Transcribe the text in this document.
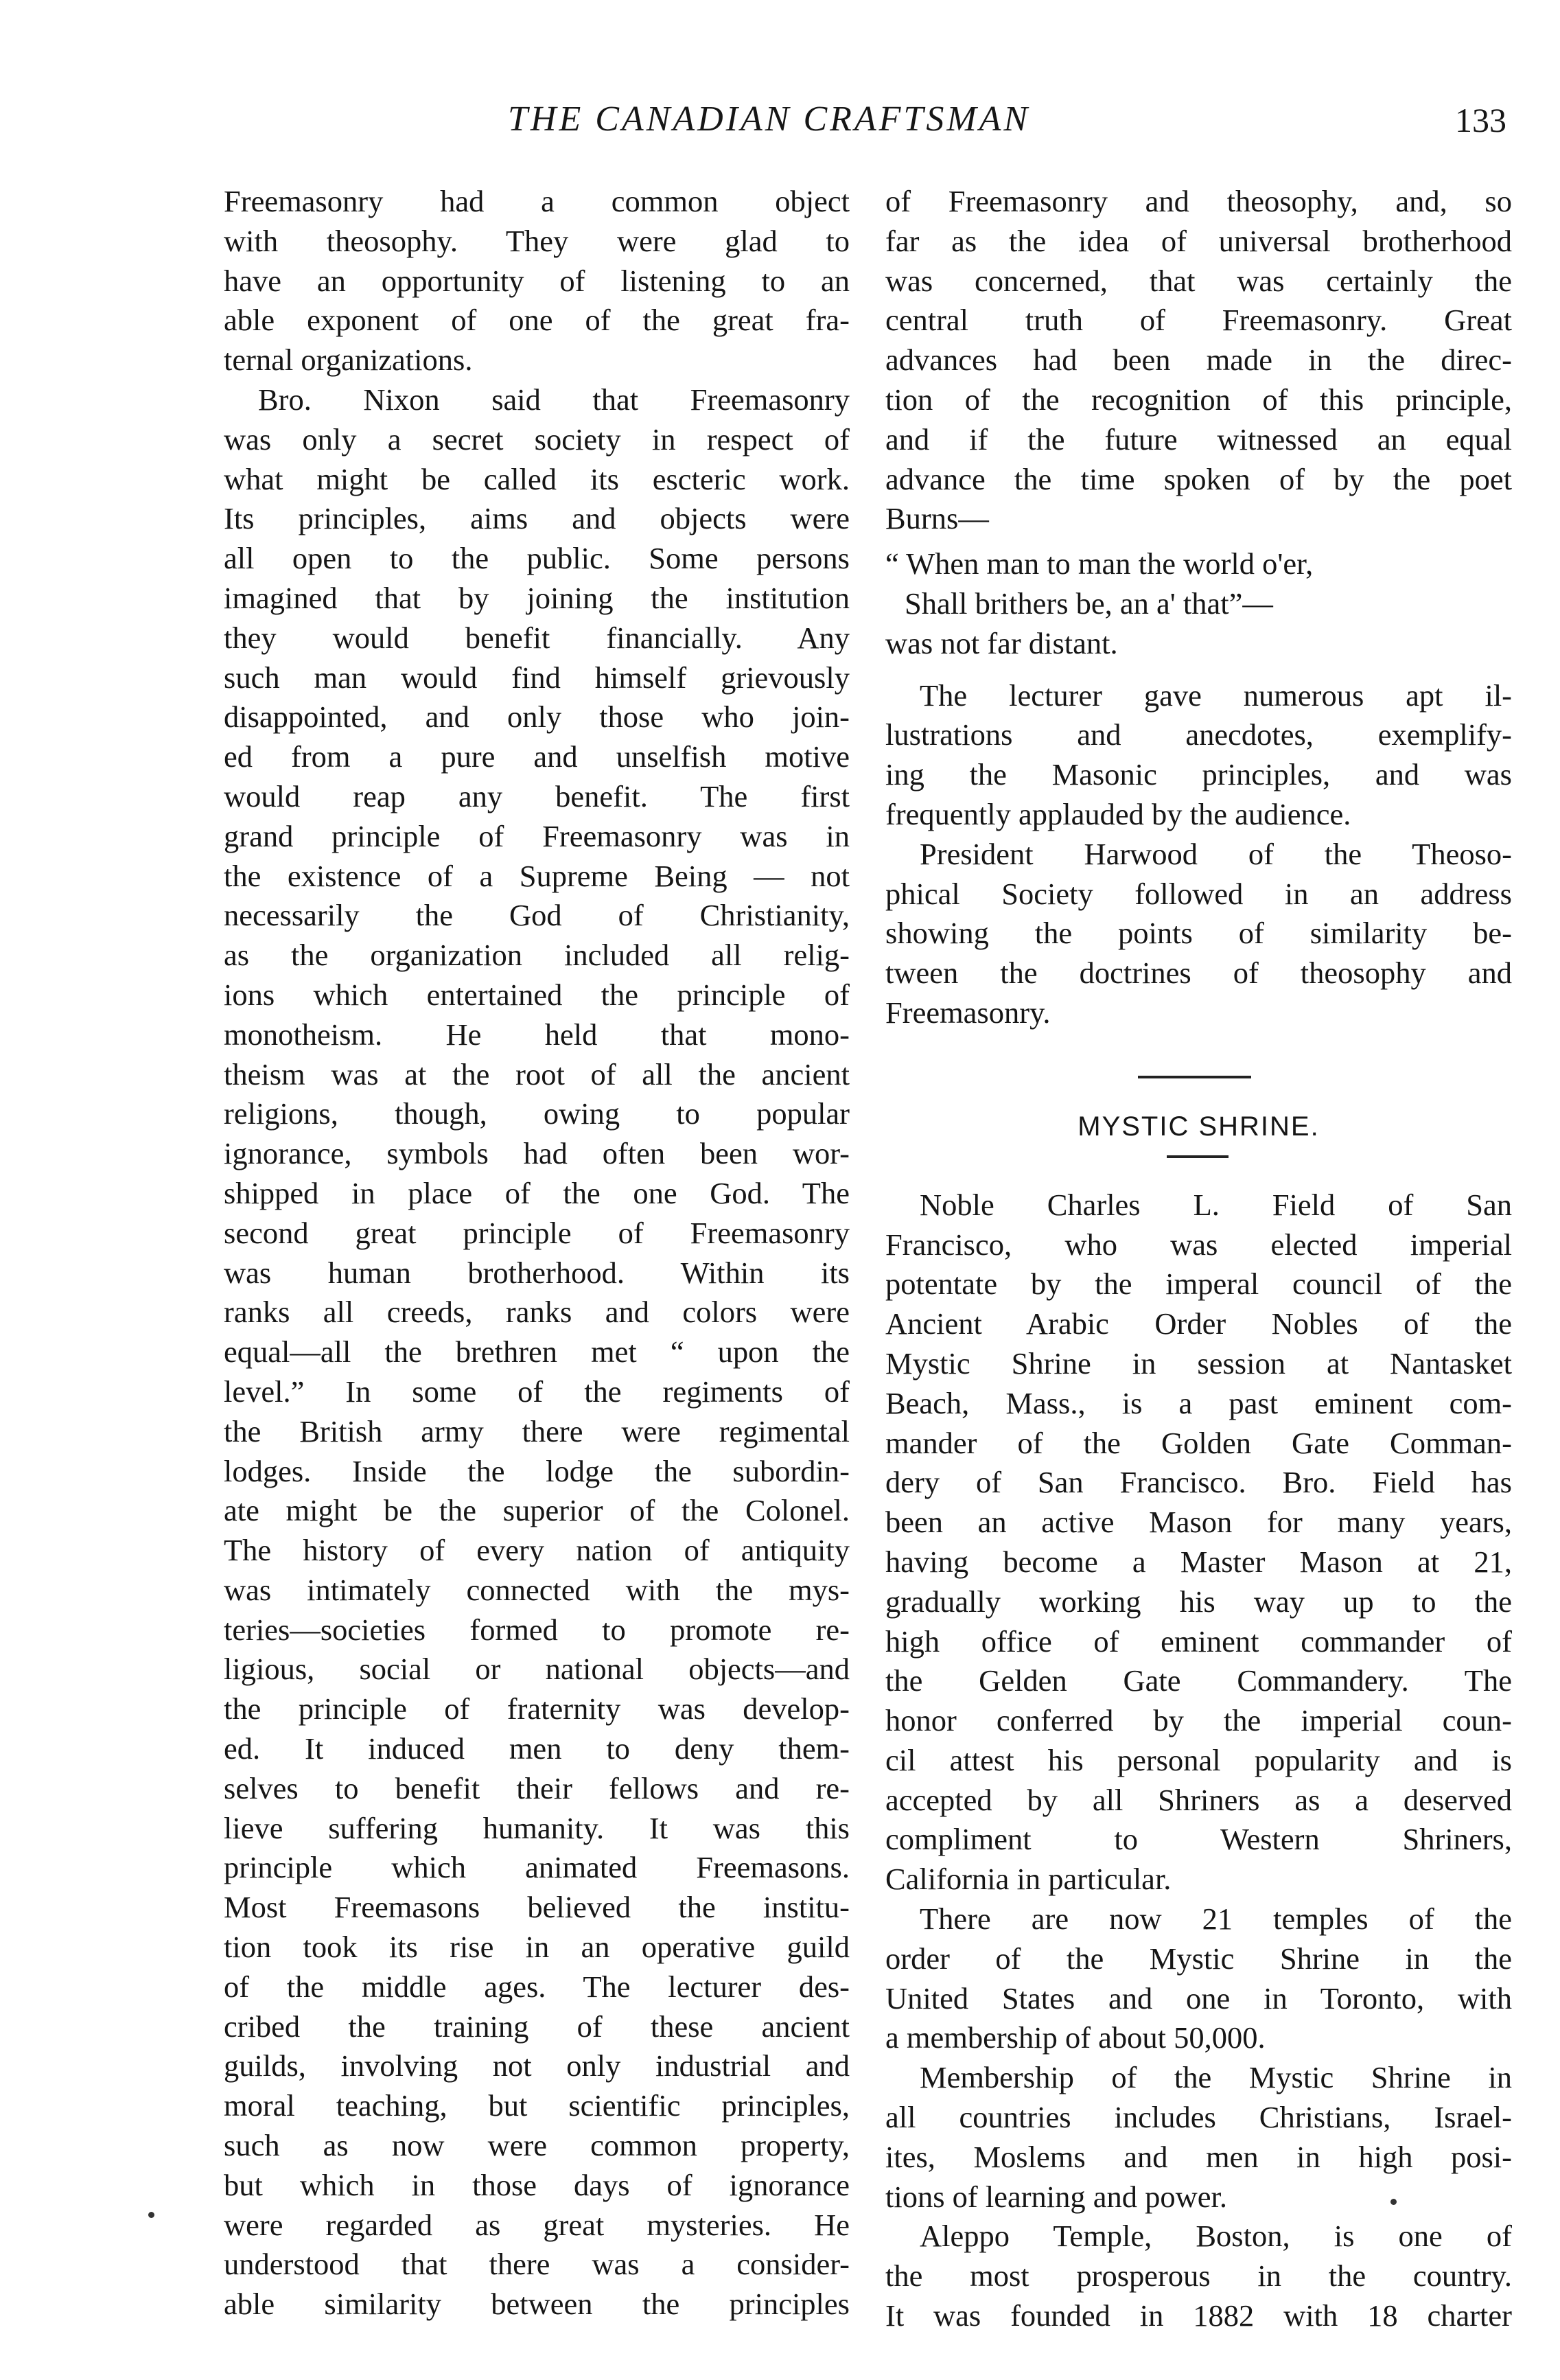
THE CANADIAN CRAFTSMAN	133
Freemasonry had a common object
with theosophy. They were glad to
have an opportunity of listening to an
able exponent of one of the great fra-
ternal organizations.
Bro. Nixon said that Freemasonry
was only a secret society in respect of
what might be called its escteric work.
Its principles, aims and objects were
all open to the public. Some persons
imagined that by joining the institution
they would benefit financially. Any
such man would find himself grievously
disappointed, and only those who join-
ed from a pure and unselfish motive
would reap any benefit. The first
grand principle of Freemasonry was in
the existence of a Supreme Being — not
necessarily the God of Christianity,
as the organization included all relig-
ions which entertained the principle of
monotheism. He held that mono-
theism was at the root of all the ancient
religions, though, owing to popular
ignorance, symbols had often been wor-
shipped in place of the one God. The
second great principle of Freemasonry
was human brotherhood. Within its
ranks all creeds, ranks and colors were
equal—all the brethren met “ upon the
level.” In some of the regiments of
the British army there were regimental
lodges. Inside the lodge the subordin-
ate might be the superior of the Colonel.
The history of every nation of antiquity
was intimately connected with the mys-
teries—societies formed to promote re-
ligious, social or national objects—and
the principle of fraternity was develop-
ed. It induced men to deny them-
selves to benefit their fellows and re-
lieve suffering humanity. It was this
principle which animated Freemasons.
Most Freemasons believed the institu-
tion took its rise in an operative guild
of the middle ages. The lecturer des-
cribed the training of these ancient
guilds, involving not only industrial and
moral teaching, but scientific principles,
such as now were common property,
but which in those days of ignorance
were regarded as great mysteries. He
understood that there was a consider-
able similarity between the principles
of Freemasonry and theosophy, and, so
far as the idea of universal brotherhood
was concerned, that was certainly the
central truth of Freemasonry. Great
advances had been made in the direc-
tion of the recognition of this principle,
and if the future witnessed an equal
advance the time spoken of by the poet
Burns—
“ When man to man the world o'er,
Shall brithers be, an a' that”—
was not far distant.
The lecturer gave numerous apt il-
lustrations and anecdotes, exemplify-
ing the Masonic principles, and was
frequently applauded by the audience.
President Harwood of the Theoso-
phical Society followed in an address
showing the points of similarity be-
tween the doctrines of theosophy and
Freemasonry.
MYSTIC SHRINE.
Noble Charles L. Field of San
Francisco, who was elected imperial
potentate by the imperal council of the
Ancient Arabic Order Nobles of the
Mystic Shrine in session at Nantasket
Beach, Mass., is a past eminent com-
mander of the Golden Gate Comman-
dery of San Francisco. Bro. Field has
been an active Mason for many years,
having become a Master Mason at 21,
gradually working his way up to the
high office of eminent commander of
the Gelden Gate Commandery. The
honor conferred by the imperial coun-
cil attest his personal popularity and is
accepted by all Shriners as a deserved
compliment to Western Shriners,
California in particular.
There are now 21 temples of the
order of the Mystic Shrine in the
United States and one in Toronto, with
a membership of about 50,000.
Membership of the Mystic Shrine in
all countries includes Christians, Israel-
ites, Moslems and men in high posi-
tions of learning and power.
Aleppo Temple, Boston, is one of
the most prosperous in the country.
It was founded in 1882 with 18 charter
